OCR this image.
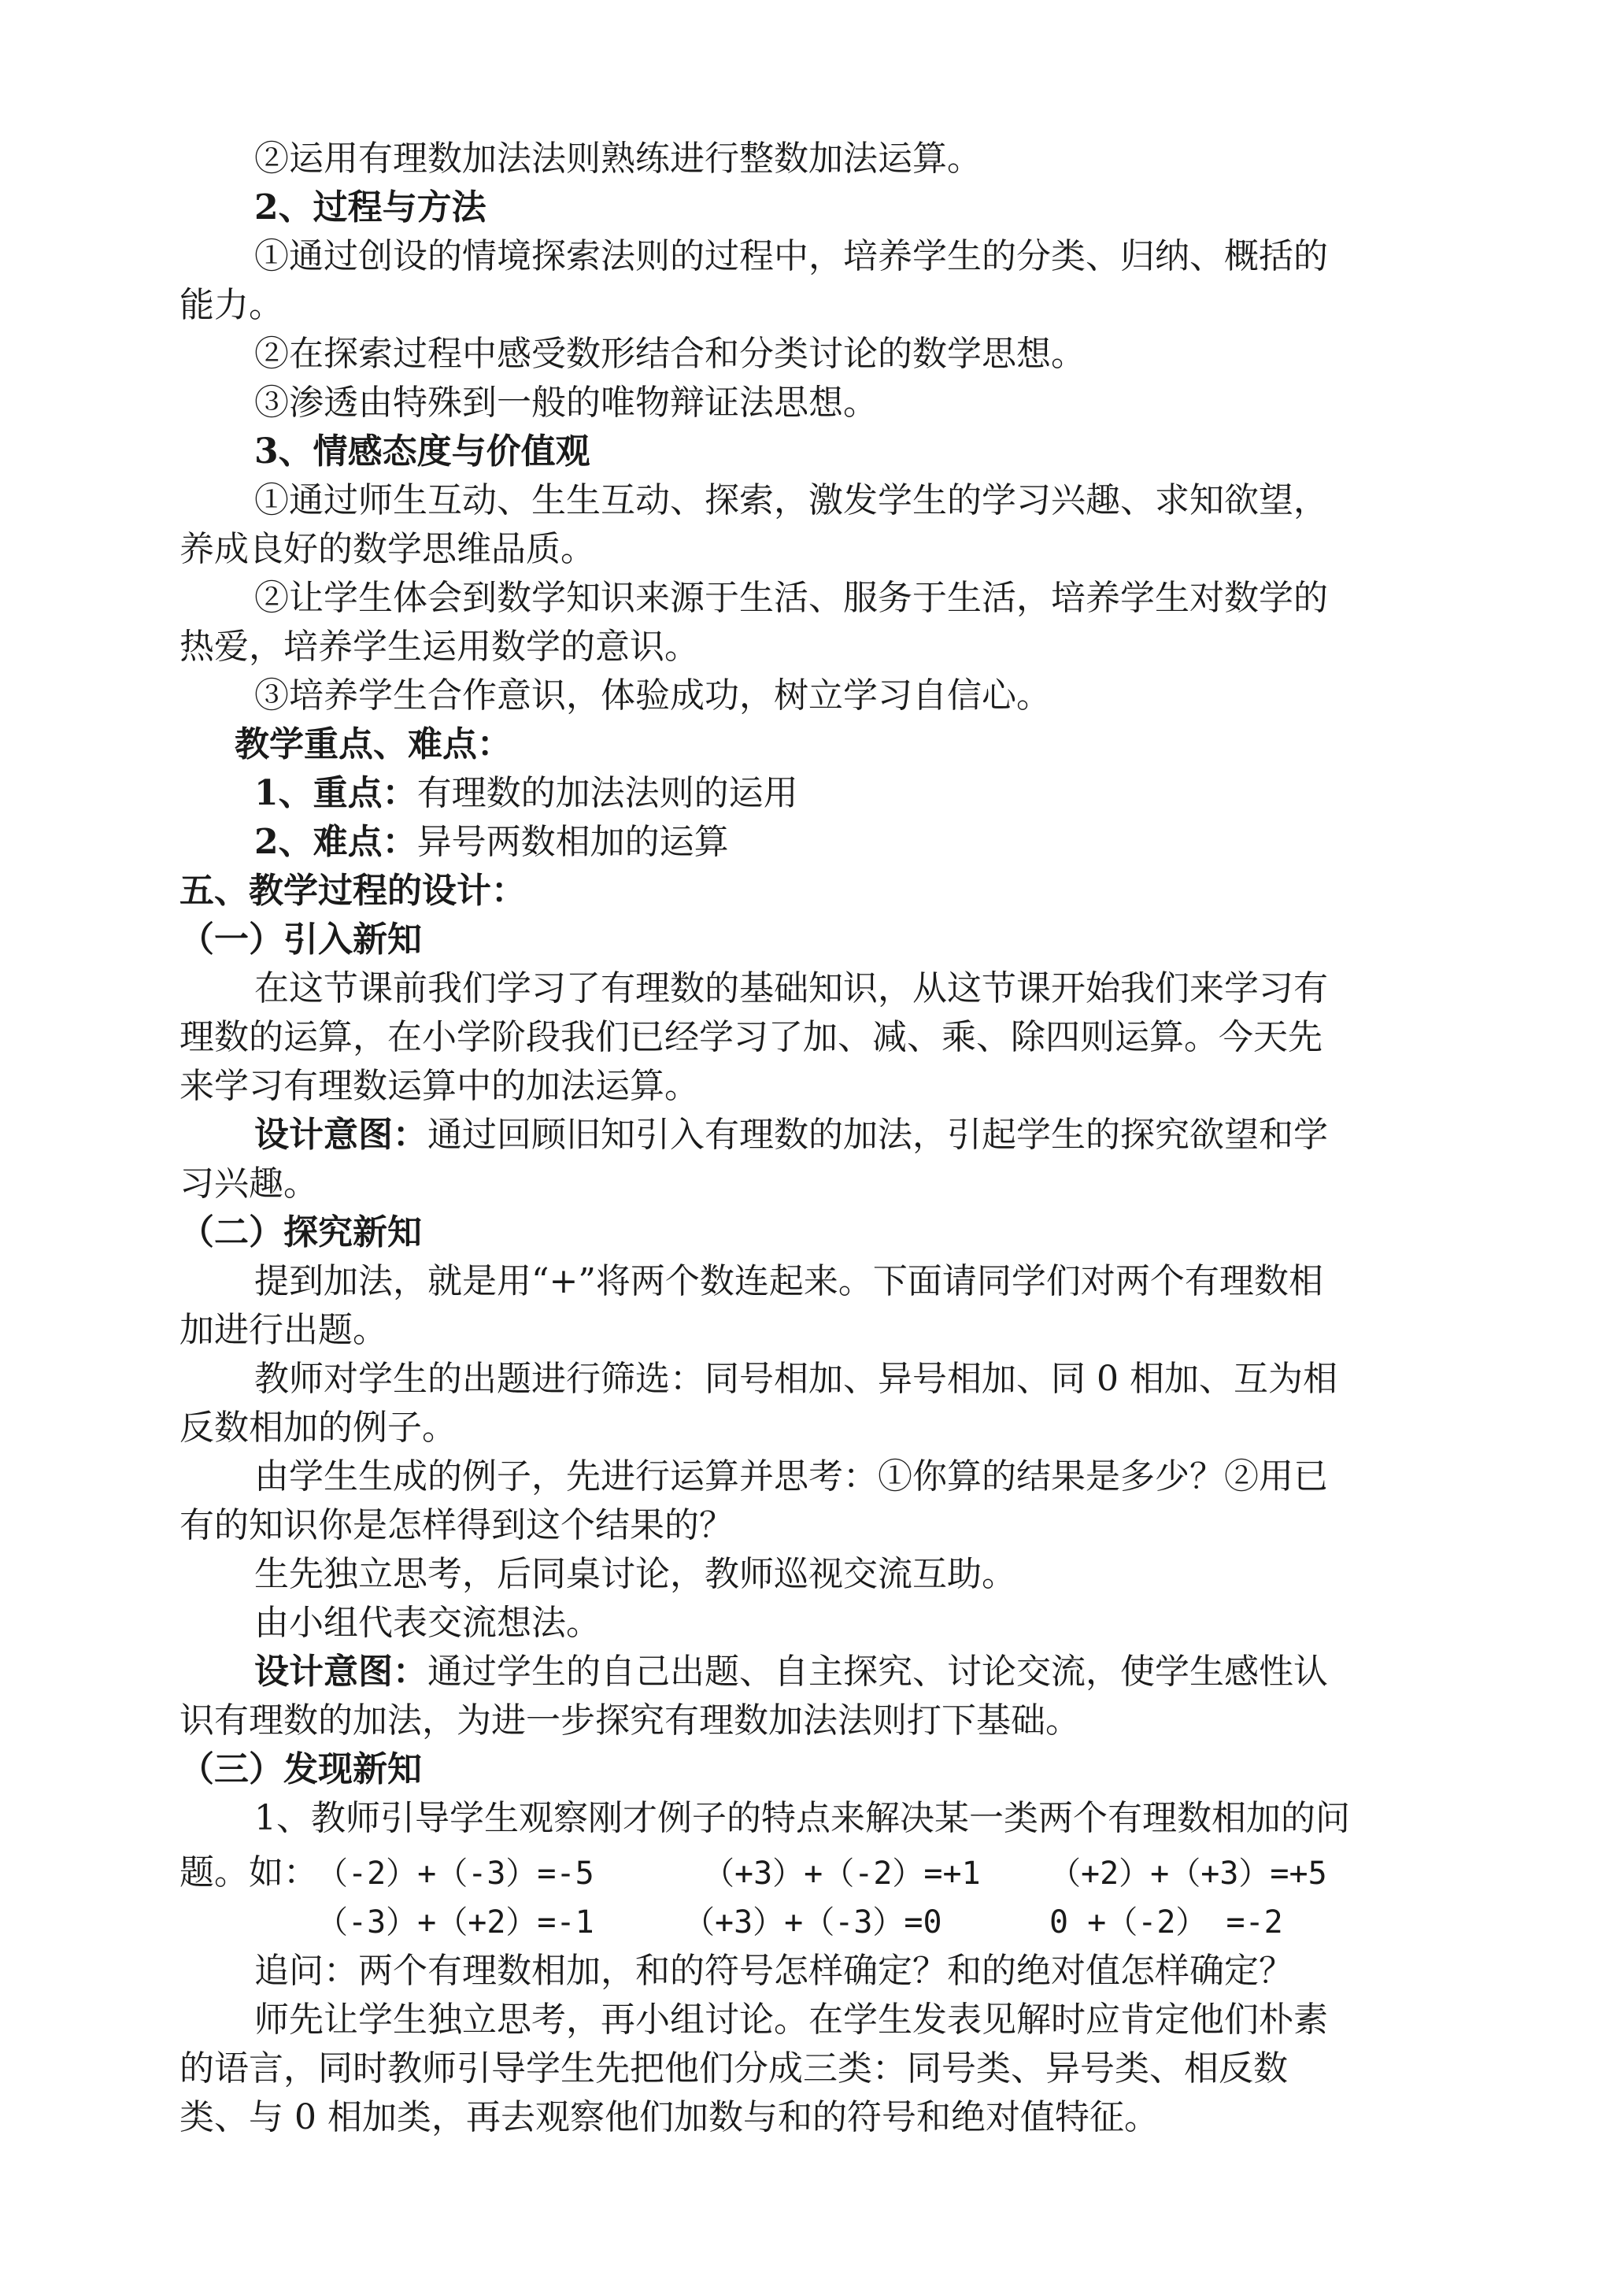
②运用有理数加法法则熟练进行整数加法运算。
2、过程与方法
①通过创设的情境探索法则的过程中，培养学生的分类、归纳、概括的
能力。
②在探索过程中感受数形结合和分类讨论的数学思想。
③渗透由特殊到一般的唯物辩证法思想。
3、情感态度与价值观
①通过师生互动、生生互动、探索，激发学生的学习兴趣、求知欲望，
养成良好的数学思维品质。
②让学生体会到数学知识来源于生活、服务于生活，培养学生对数学的
热爱，培养学生运用数学的意识。
③培养学生合作意识，体验成功，树立学习自信心。
教学重点、难点：
1、重点：有理数的加法法则的运用
2、难点：异号两数相加的运算
五、教学过程的设计：
（一）引入新知
在这节课前我们学习了有理数的基础知识，从这节课开始我们来学习有
理数的运算，在小学阶段我们已经学习了加、减、乘、除四则运算。今天先
来学习有理数运算中的加法运算。
设计意图：通过回顾旧知引入有理数的加法，引起学生的探究欲望和学
习兴趣。
（二）探究新知
提到加法，就是用“+”将两个数连起来。下面请同学们对两个有理数相
加进行出题。
教师对学生的出题进行筛选：同号相加、异号相加、同 0 相加、互为相
反数相加的例子。
由学生生成的例子，先进行运算并思考：①你算的结果是多少？②用已
有的知识你是怎样得到这个结果的？
生先独立思考，后同桌讨论，教师巡视交流互助。
由小组代表交流想法。
设计意图：通过学生的自己出题、自主探究、讨论交流，使学生感性认
识有理数的加法，为进一步探究有理数加法法则打下基础。
（三）发现新知
1、教师引导学生观察刚才例子的特点来解决某一类两个有理数相加的问
题。如：
（-2）+（-3）=-5	（+3）+（-2）=+1 （+2）+（+3）=+5
（-3）+（+2）=-1	（+3）+（-3）=0	0 +（-2） =-2
追问：两个有理数相加，和的符号怎样确定？和的绝对值怎样确定？
师先让学生独立思考，再小组讨论。在学生发表见解时应肯定他们朴素
的语言，同时教师引导学生先把他们分成三类：同号类、异号类、相反数
类、与 0 相加类，再去观察他们加数与和的符号和绝对值特征。
